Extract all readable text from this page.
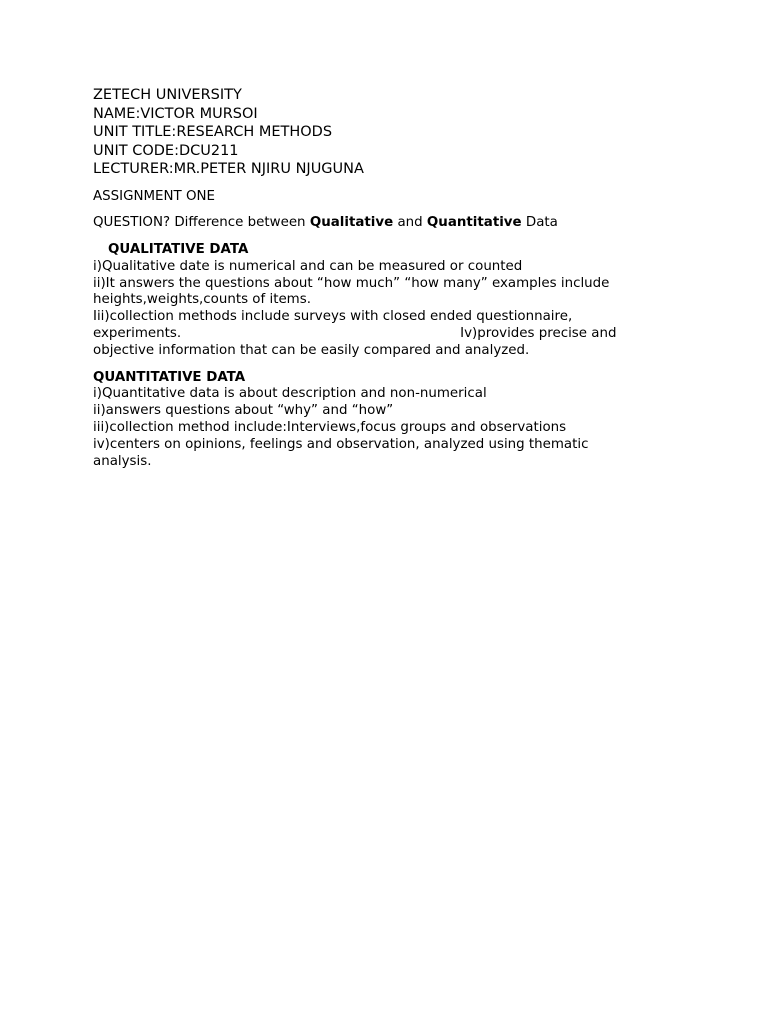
ZETECH UNIVERSITY

NAME:VICTOR MURSOI

UNIT TITLE:RESEARCH METHODS

UNIT CODE:DCU211

LECTURER:MR.PETER NJIRU NJUGUNA

ASSIGNMENT ONE

QUESTION? Difference between Qualitative and Quantitative Data

QUALITATIVE DATA

i)Qualitative date is numerical and can be measured or counted
ii)It answers the questions about “how much” “how many” examples include
heights,weights,counts of items.
Iii)collection methods include surveys with closed ended questionnaire,
experiments.	Iv)provides precise and
objective information that can be easily compared and analyzed.

QUANTITATIVE DATA

i)Quantitative data is about description and non-numerical
ii)answers questions about “why” and “how”
iii)collection method include:Interviews,focus groups and observations
iv)centers on opinions, feelings and observation, analyzed using thematic
analysis.
